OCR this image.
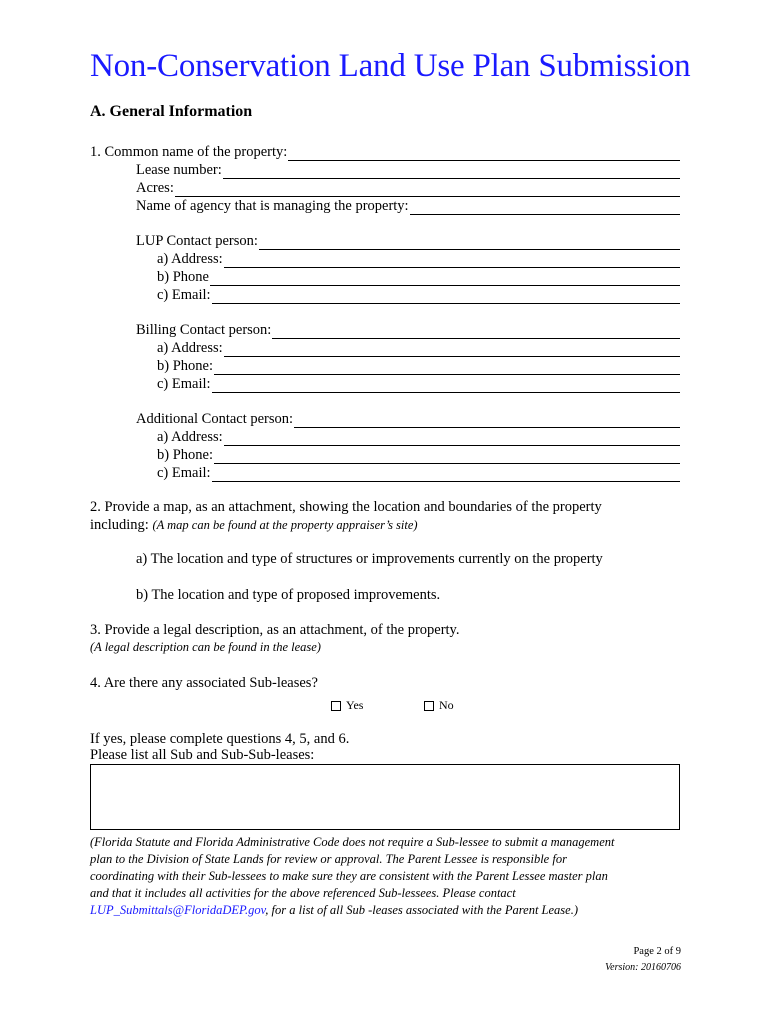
Non-Conservation Land Use Plan Submission
A. General Information
1. Common name of the property:
Lease number:
Acres:
Name of agency that is managing the property:
LUP Contact person:
a) Address:
b) Phone
c) Email:
Billing Contact person:
a) Address:
b) Phone:
c) Email:
Additional Contact person:
a) Address:
b) Phone:
c) Email:
2. Provide a map, as an attachment, showing the location and boundaries of the property
including: (A map can be found at the property appraiser’s site)
a) The location and type of structures or improvements currently on the property
b) The location and type of proposed improvements.
3. Provide a legal description, as an attachment, of the property.
(A legal description can be found in the lease)
4. Are there any associated Sub-leases?
Yes	No
If yes, please complete questions 4, 5, and 6.
Please list all Sub and Sub-Sub-leases:
(Florida Statute and Florida Administrative Code does not require a Sub-lessee to submit a management
plan to the Division of State Lands for review or approval. The Parent Lessee is responsible for
coordinating with their Sub-lessees to make sure they are consistent with the Parent Lessee master plan
and that it includes all activities for the above referenced Sub-lessees. Please contact
LUP_Submittals@FloridaDEP.gov, for a list of all Sub -leases associated with the Parent Lease.)
Page 2 of 9
Version: 20160706
